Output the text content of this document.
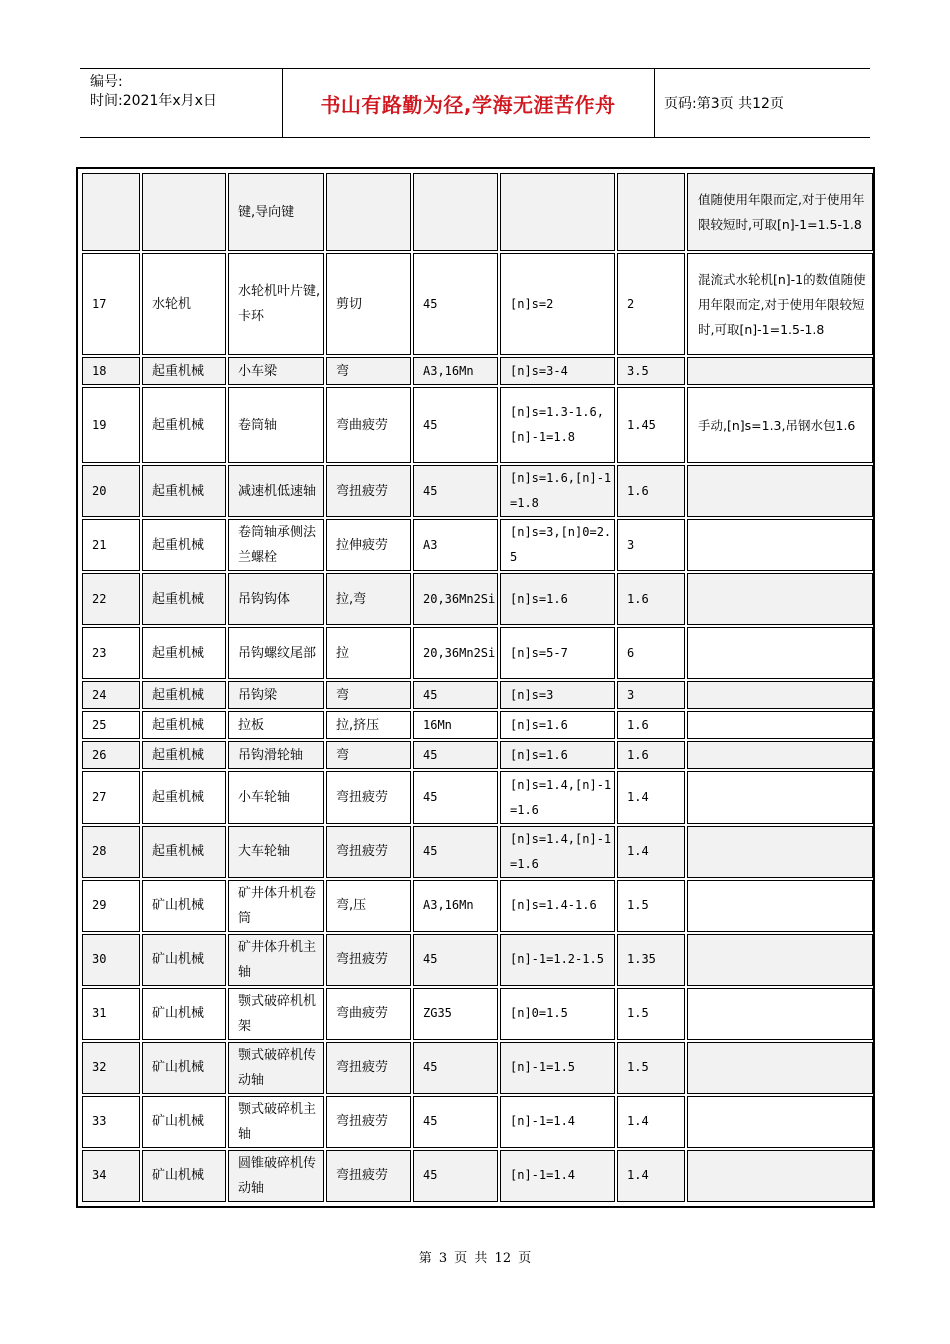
编号:
时间:2021年x月x日	书山有路勤为径,学海无涯苦作舟	页码:第3页 共12页
		键,导向键					值随使用年限而定,对于使用年限较短时,可取[n]-1=1.5-1.8
17	水轮机	水轮机叶片键,卡环	剪切	45	[n]s=2	2	混流式水轮机[n]-1的数值随使用年限而定,对于使用年限较短时,可取[n]-1=1.5-1.8
18	起重机械	小车梁	弯	A3,16Mn	[n]s=3-4	3.5	
19	起重机械	卷筒轴	弯曲疲劳	45	[n]s=1.3-1.6,[n]-1=1.8	1.45	手动,[n]s=1.3,吊钢水包1.6
20	起重机械	减速机低速轴	弯扭疲劳	45	[n]s=1.6,[n]-1=1.8	1.6	
21	起重机械	卷筒轴承侧法兰螺栓	拉伸疲劳	A3	[n]s=3,[n]0=2.5	3	
22	起重机械	吊钩钩体	拉,弯	20,36Mn2Si	[n]s=1.6	1.6	
23	起重机械	吊钩螺纹尾部	拉	20,36Mn2Si	[n]s=5-7	6	
24	起重机械	吊钩梁	弯	45	[n]s=3	3	
25	起重机械	拉板	拉,挤压	16Mn	[n]s=1.6	1.6	
26	起重机械	吊钩滑轮轴	弯	45	[n]s=1.6	1.6	
27	起重机械	小车轮轴	弯扭疲劳	45	[n]s=1.4,[n]-1=1.6	1.4	
28	起重机械	大车轮轴	弯扭疲劳	45	[n]s=1.4,[n]-1=1.6	1.4	
29	矿山机械	矿井体升机卷筒	弯,压	A3,16Mn	[n]s=1.4-1.6	1.5	
30	矿山机械	矿井体升机主轴	弯扭疲劳	45	[n]-1=1.2-1.5	1.35	
31	矿山机械	颚式破碎机机架	弯曲疲劳	ZG35	[n]0=1.5	1.5	
32	矿山机械	颚式破碎机传动轴	弯扭疲劳	45	[n]-1=1.5	1.5	
33	矿山机械	颚式破碎机主轴	弯扭疲劳	45	[n]-1=1.4	1.4	
34	矿山机械	圆锥破碎机传动轴	弯扭疲劳	45	[n]-1=1.4	1.4	
第 3 页 共 12 页
